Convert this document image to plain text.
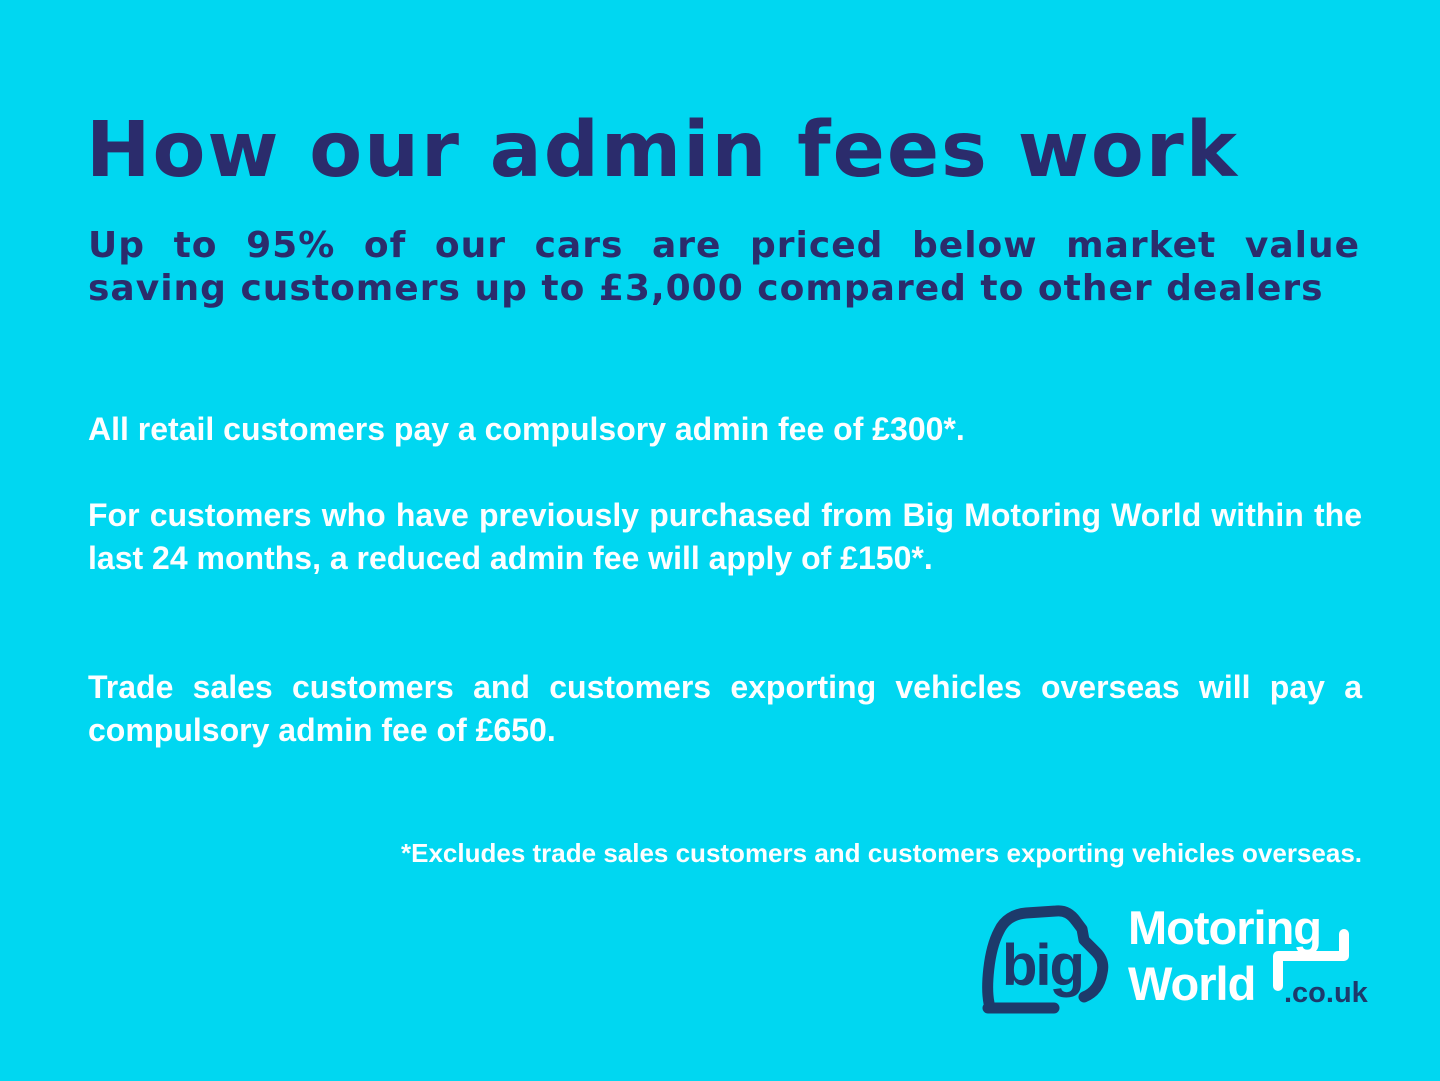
How our admin fees work
Up to 95% of our cars are priced below market value saving customers up to £3,000 compared to other dealers

All retail customers pay a compulsory admin fee of £300*.

For customers who have previously purchased from Big Motoring World within the last 24 months, a reduced admin fee will apply of £150*.

Trade sales customers and customers exporting vehicles overseas will pay a compulsory admin fee of £650.

*Excludes trade sales customers and customers exporting vehicles overseas.
big
Motoring
World .co.uk
